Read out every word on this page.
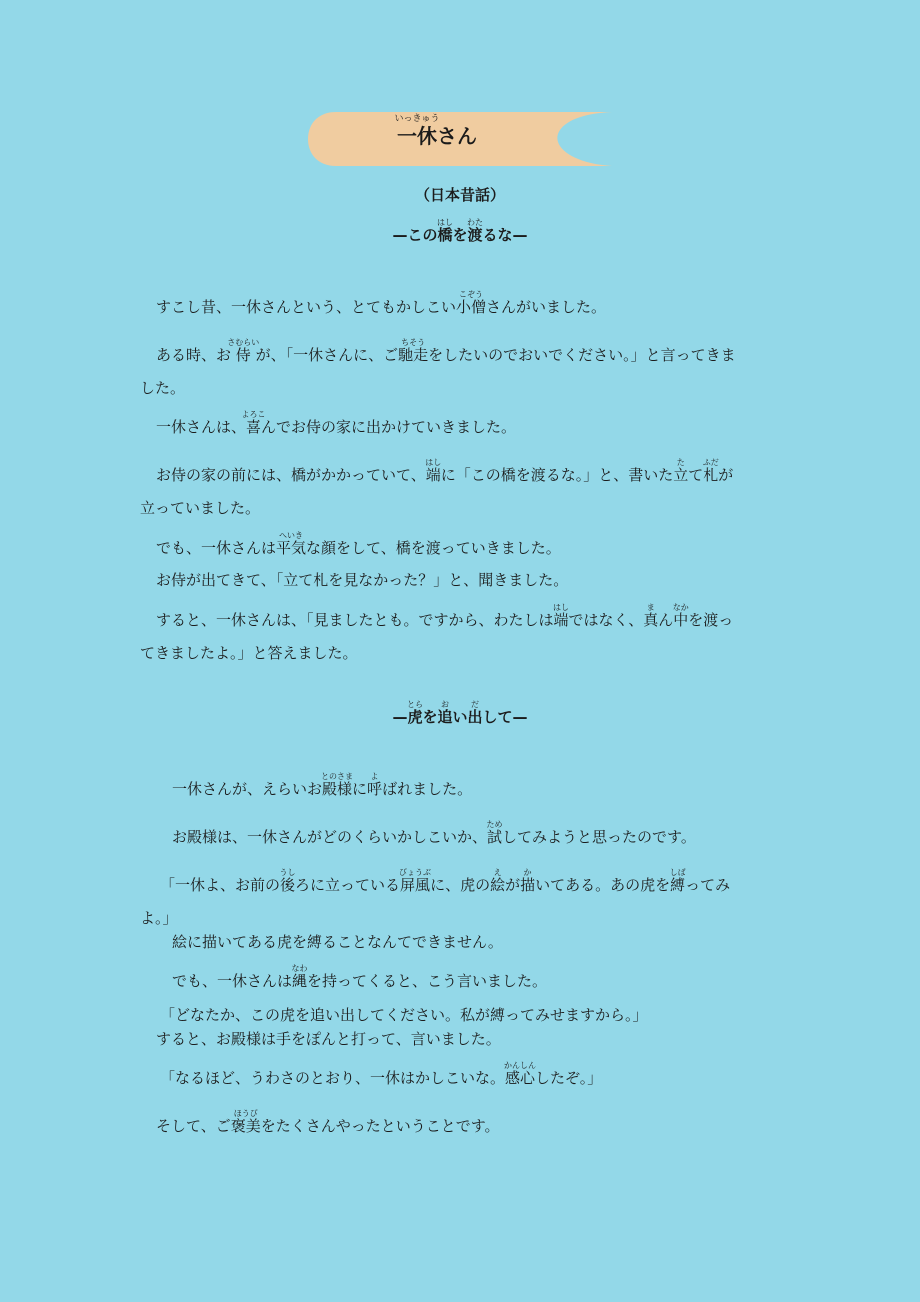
いっきゅう
一休さん
（日本昔話）
—この
はし
橋を
わた
渡るな—
すこし昔、一休さんという、とてもかしこい
こぞう
小僧さんがいました。
ある時、お
さむらい
侍 が、「一休さんに、ご
ちそう
馳走をしたいのでおいでください。」と言ってきま
した。
一休さんは、
よろこ
喜んでお侍の家に出かけていきました。
お侍の家の前には、橋がかかっていて、
はし
端に「この橋を渡るな。」と、書いた
た
立て
ふだ
札が
立っていました。
でも、一休さんは
へいき
平気な顔をして、橋を渡っていきました。
お侍が出てきて、「立て札を見なかった？」と、聞きました。
すると、一休さんは、「見ましたとも。ですから、わたしは
はし
端ではなく、
ま
真ん
なか
中を渡っ
てきましたよ。」と答えました。
—
とら
虎を
お
追い
だ
出して—
一休さんが、えらいお
とのさま
殿様に
よ
呼ばれました。
お殿様は、一休さんがどのくらいかしこいか、
ため
試してみようと思ったのです。
「一休よ、お前の
うし
後ろに立っている
びょうぶ
屏風に、虎の
え
絵が
か
描いてある。あの虎を
しば
縛ってみ
よ。」
絵に描いてある虎を縛ることなんてできません。
でも、一休さんは
なわ
縄を持ってくると、こう言いました。
「どなたか、この虎を追い出してください。私が縛ってみせますから。」
すると、お殿様は手をぽんと打って、言いました。
「なるほど、うわさのとおり、一休はかしこいな。
かんしん
感心したぞ。」
そして、ご
ほうび
褒美をたくさんやったということです。
